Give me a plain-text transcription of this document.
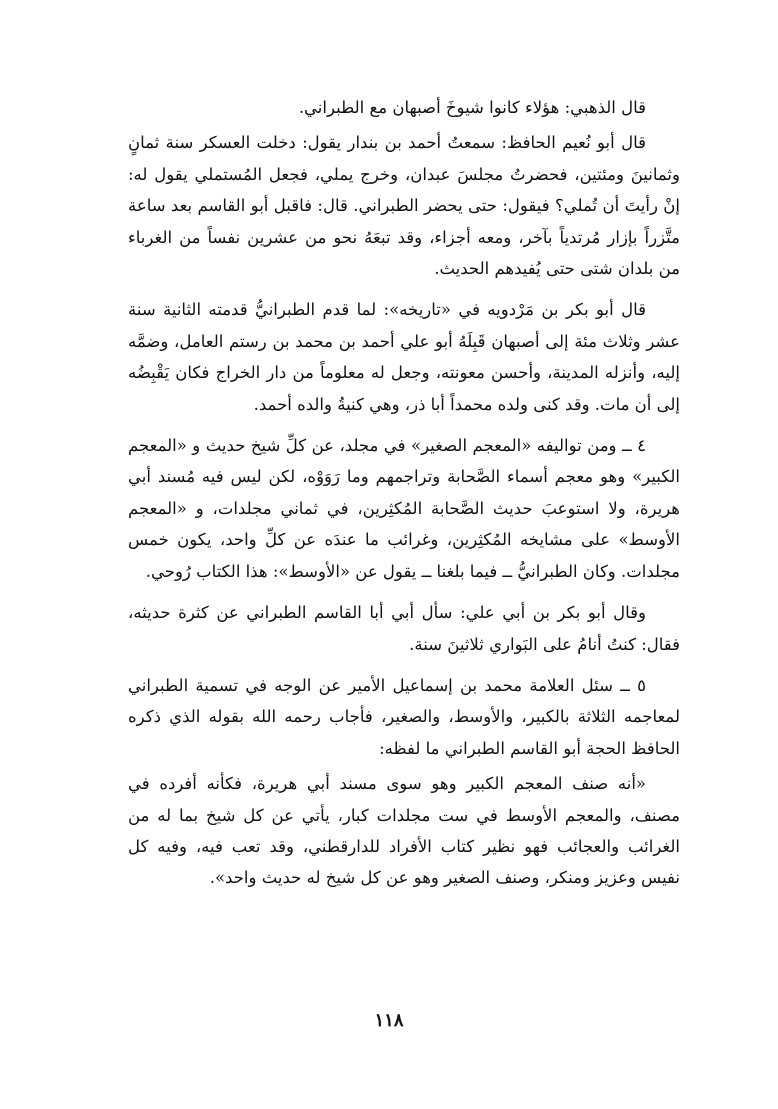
قال الذهبي: هؤلاء كانوا شيوخَ أصبهان مع الطبراني.

قال أبو نُعيم الحافظ: سمعتُ أحمد بن بندار يقول: دخلت العسكر سنة ثمانٍ وثمانينَ ومئتين، فحضرتُ مجلسَ عبدان، وخرج يملي، فجعل المُستملي يقول له: إنْ رأيتَ أن تُملي؟ فيقول: حتى يحضر الطبراني. قال: فاقبل أبو القاسم بعد ساعة متَّزراً بإزار مُرتدياً بآخر، ومعه أجزاء، وقد تبعَهُ نحو من عشرين نفساً من الغرباء من بلدان شتى حتى يُفيدهم الحديث.

قال أبو بكر بن مَرْدويه في «تاريخه»: لما قدم الطبرانيُّ قدمته الثانية سنة عشر وثلاث مئة إلى أصبهان قَبِلَهُ أبو علي أحمد بن محمد بن رستم العامل، وضمَّه إليه، وأنزله المدينة، وأحسن معونته، وجعل له معلوماً من دار الخراج فكان يَقْبِضُه إلى أن مات. وقد كنى ولده محمداً أبا ذر، وهي كنيةُ والده أحمد.

٤ ــ ومن تواليفه «المعجم الصغير» في مجلد، عن كلِّ شيخ حديث و «المعجم الكبير» وهو معجم أسماء الصَّحابة وتراجمهم وما رَوَوْه، لكن ليس فيه مُسند أبي هريرة، ولا استوعبَ حديث الصَّحابة المُكثِرين، في ثماني مجلدات، و «المعجم الأوسط» على مشايخه المُكثِرين، وغرائب ما عندَه عن كلِّ واحد، يكون خمس مجلدات. وكان الطبرانيُّ ــ فيما بلغنا ــ يقول عن «الأوسط»: هذا الكتاب رُوحي.

وقال أبو بكر بن أبي علي: سأل أبي أبا القاسم الطبراني عن كثرة حديثه، فقال: كنتُ أنامُ على البَواري ثلاثينَ سنة.

٥ ــ سئل العلامة محمد بن إسماعيل الأمير عن الوجه في تسمية الطبراني لمعاجمه الثلاثة بالكبير، والأوسط، والصغير، فأجاب رحمه الله بقوله الذي ذكره الحافظ الحجة أبو القاسم الطبراني ما لفظه:

«أنه صنف المعجم الكبير وهو سوى مسند أبي هريرة، فكأنه أفرده في مصنف، والمعجم الأوسط في ست مجلدات كبار، يأتي عن كل شيخ بما له من الغرائب والعجائب فهو نظير كتاب الأفراد للدارقطني، وقد تعب فيه، وفيه كل نفيس وعزيز ومنكر، وصنف الصغير وهو عن كل شيخ له حديث واحد».

١١٨
